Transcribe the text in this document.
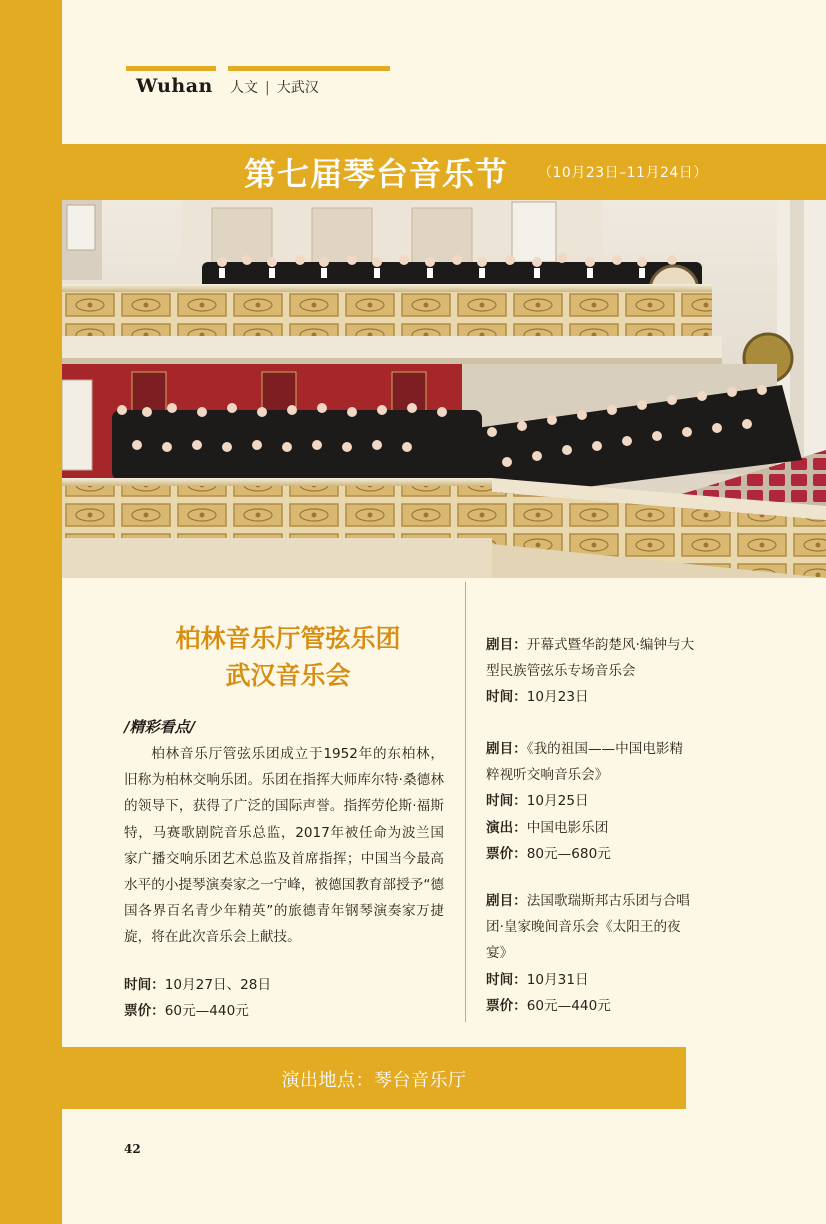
Wuhan 人文 | 大武汉
第七届琴台音乐节 （10月23日–11月24日）
柏林音乐厅管弦乐团
武汉音乐会
/精彩看点/
柏林音乐厅管弦乐团成立于1952年的东柏林，旧称为柏林交响乐团。乐团在指挥大师库尔特·桑德林的领导下，获得了广泛的国际声誉。指挥劳伦斯·福斯特，马赛歌剧院音乐总监，2017年被任命为波兰国家广播交响乐团艺术总监及首席指挥；中国当今最高水平的小提琴演奏家之一宁峰，被德国教育部授予“德国各界百名青少年精英”的旅德青年钢琴演奏家万捷旋，将在此次音乐会上献技。
时间：10月27日、28日
票价：60元—440元
剧目：开幕式暨华韵楚风·编钟与大型民族管弦乐专场音乐会
时间：10月23日
剧目：《我的祖国——中国电影精粹视听交响音乐会》
时间：10月25日
演出：中国电影乐团
票价：80元—680元
剧目：法国歌瑞斯邦古乐团与合唱团·皇家晚间音乐会《太阳王的夜宴》
时间：10月31日
票价：60元—440元
演出地点：琴台音乐厅
42
